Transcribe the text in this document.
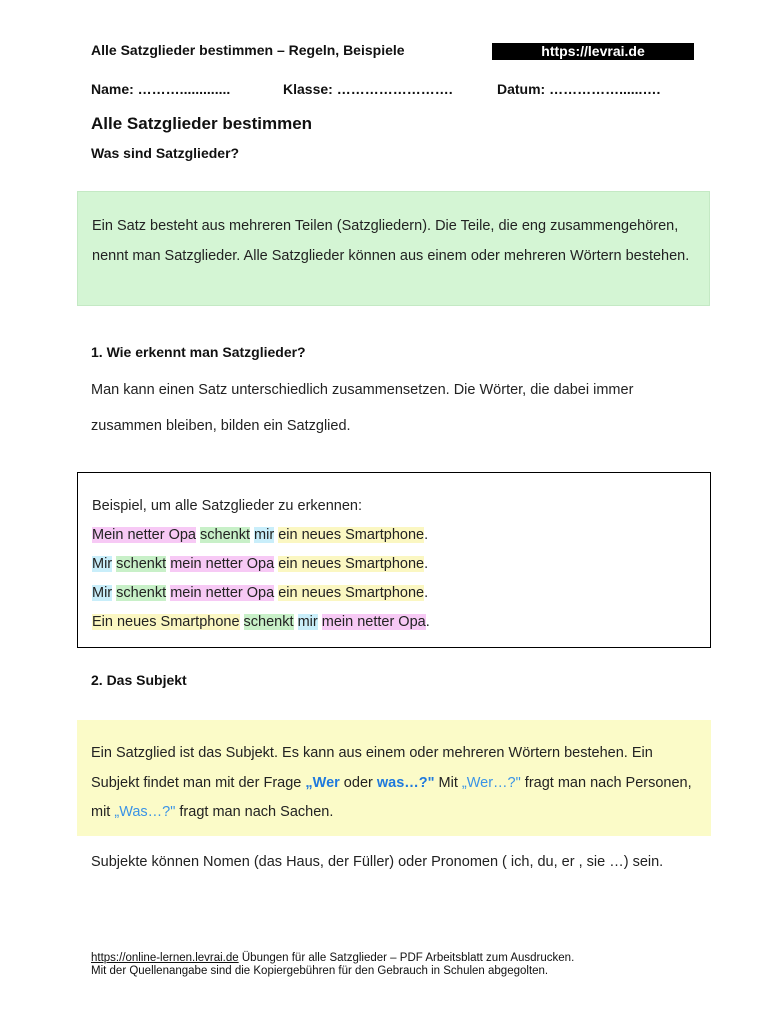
Alle Satzglieder bestimmen – Regeln, Beispiele	https://levrai.de
Name: ……….............	Klasse: …………………….	Datum: ……………......….
Alle Satzglieder bestimmen
Was sind Satzglieder?

Ein Satz besteht aus mehreren Teilen (Satzgliedern). Die Teile, die eng zusammengehören, nennt man Satzglieder. Alle Satzglieder können aus einem oder mehreren Wörtern bestehen.

1. Wie erkennt man Satzglieder?
Man kann einen Satz unterschiedlich zusammensetzen. Die Wörter, die dabei immer zusammen bleiben, bilden ein Satzglied.
Beispiel, um alle Satzglieder zu erkennen:
Mein netter Opa schenkt mir ein neues Smartphone.
Mir schenkt mein netter Opa ein neues Smartphone.
Mir schenkt mein netter Opa ein neues Smartphone.
Ein neues Smartphone schenkt mir mein netter Opa.
2. Das Subjekt

Ein Satzglied ist das Subjekt. Es kann aus einem oder mehreren Wörtern bestehen. Ein Subjekt findet man mit der Frage „Wer oder was…?" Mit „Wer…?" fragt man nach Personen, mit „Was…?" fragt man nach Sachen.

Subjekte können Nomen (das Haus, der Füller) oder Pronomen ( ich, du, er , sie …) sein.
https://online-lernen.levrai.de Übungen für alle Satzglieder – PDF Arbeitsblatt zum Ausdrucken.
Mit der Quellenangabe sind die Kopiergebühren für den Gebrauch in Schulen abgegolten.
